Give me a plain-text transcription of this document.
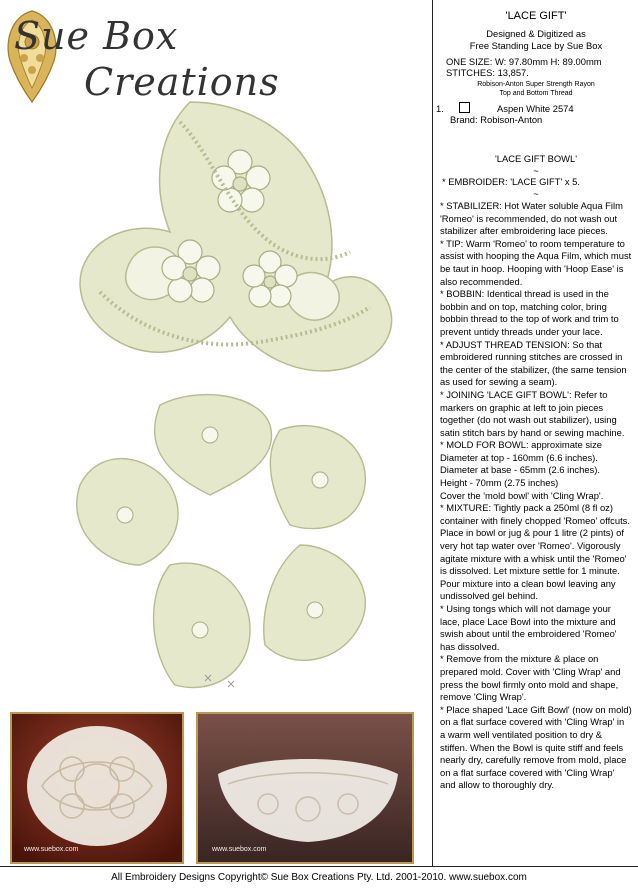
Sue Box
Creations
'LACE GIFT'
Designed & Digitized as
Free Standing Lace by Sue Box
ONE SIZE: W: 97.80mm H: 89.00mm
STITCHES: 13,857.
Robison-Anton Super Strength Rayon
Top and Bottom Thread
1.	Aspen White 2574
Brand: Robison-Anton
'LACE GIFT BOWL'
~
* EMBROIDER: 'LACE GIFT' x 5.
~

* STABILIZER: Hot Water soluble Aqua Film 'Romeo' is recommended, do not wash out stabilizer after embroidering lace pieces.

* TIP: Warm 'Romeo' to room temperature to assist with hooping the Aqua Film, which must be taut in hoop. Hooping with 'Hoop Ease' is also recommended.

* BOBBIN: Identical thread is used in the bobbin and on top, matching color, bring bobbin thread to the top of work and trim to prevent untidy threads under your lace.

* ADJUST THREAD TENSION: So that embroidered running stitches are crossed in the center of the stabilizer, (the same tension as used for sewing a seam).

* JOINING 'LACE GIFT BOWL': Refer to markers on graphic at left to join pieces together (do not wash out stabilizer), using satin stitch bars by hand or sewing machine.

* MOLD FOR BOWL: approximate size

Diameter at top - 160mm (6.6 inches).

Diameter at base - 65mm (2.6 inches).

Height - 70mm (2.75 inches)

Cover the 'mold bowl' with 'Cling Wrap'.

* MIXTURE: Tightly pack a 250ml (8 fl oz) container with finely chopped 'Romeo' offcuts. Place in bowl or jug & pour 1 litre (2 pints) of very hot tap water over 'Romeo'. Vigorously agitate mixture with a whisk until the 'Romeo' is dissolved. Let mixture settle for 1 minute. Pour mixture into a clean bowl leaving any undissolved gel behind.

* Using tongs which will not damage your lace, place Lace Bowl into the mixture and swish about until the embroidered 'Romeo' has dissolved.

* Remove from the mixture & place on prepared mold. Cover with 'Cling Wrap' and press the bowl firmly onto mold and shape, remove 'Cling Wrap'.

* Place shaped 'Lace Gift Bowl' (now on mold) on a flat surface covered with 'Cling Wrap' in a warm well ventilated position to dry & stiffen. When the Bowl is quite stiff and feels nearly dry, carefully remove from mold, place on a flat surface covered with 'Cling Wrap' and allow to thoroughly dry.

www.suebox.com	www.suebox.com
All Embroidery Designs Copyright© Sue Box Creations Pty. Ltd. 2001-2010. www.suebox.com
